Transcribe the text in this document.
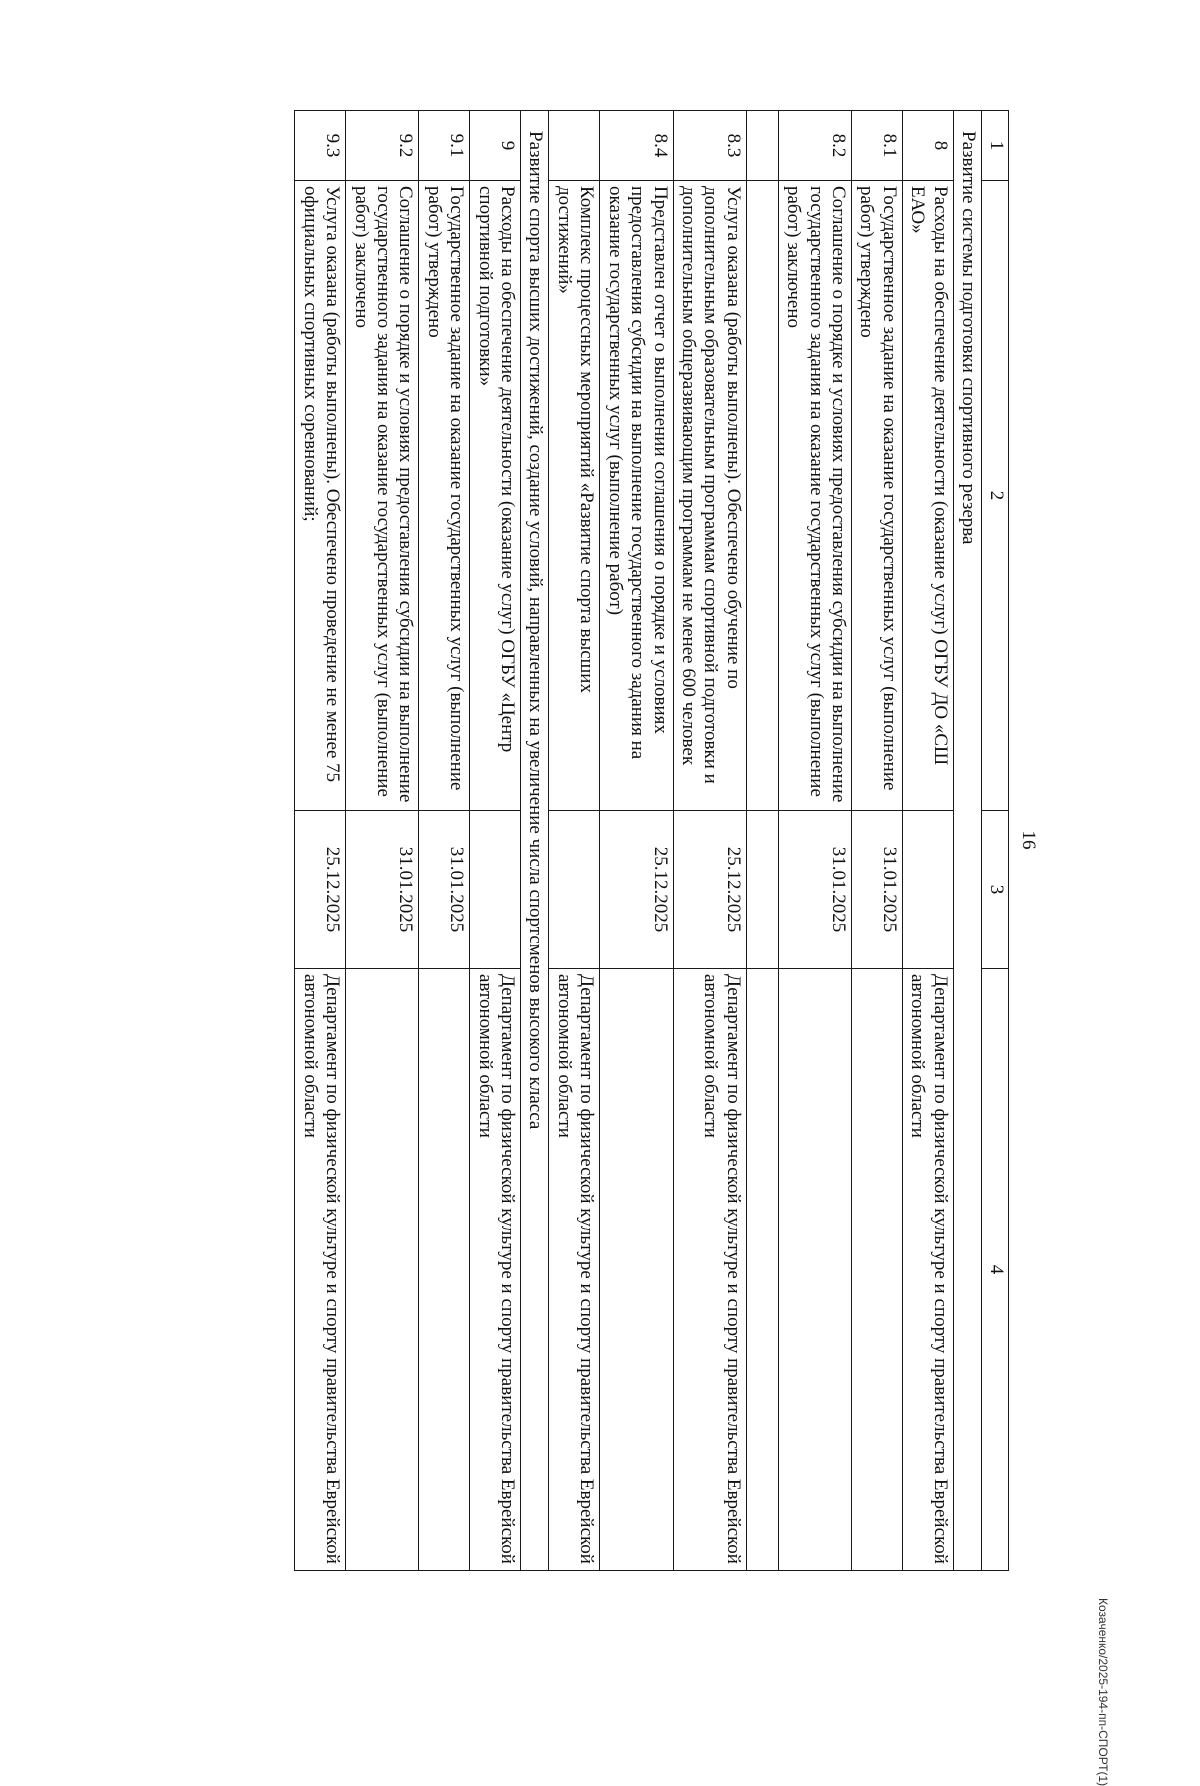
16
1	2	3	4
Развитие системы подготовки спортивного резерва			
8	Расходы на обеспечение деятельности (оказание услуг) ОГБУ ДО «СШ ЕАО»		Департамент по физической культуре и спорту правительства Еврейской автономной области
8.1	Государственное задание на оказание государственных услуг (выполнение работ) утверждено	31.01.2025	
8.2	Соглашение о порядке и условиях предоставления субсидии на выполнение государственного задания на оказание государственных услуг (выполнение работ) заключено	31.01.2025	

8.3	Услуга оказана (работы выполнены). Обеспечено обучение по дополнительным образовательным программам спортивной подготовки и дополнительным общеразвивающим программам не менее 600 человек	25.12.2025	Департамент по физической культуре и спорту правительства Еврейской автономной области
8.4	Представлен отчет о выполнении соглашения о порядке и условиях предоставления субсидии на выполнение государственного задания на оказание государственных услуг (выполнение работ)	25.12.2025	
	Комплекс процессных мероприятий «Развитие спорта высших достижений»		Департамент по физической культуре и спорту правительства Еврейской автономной области
Развитие спорта высших достижений, создание условий, направленных на увеличение числа спортсменов высокого класса			
9	Расходы на обеспечение деятельности (оказание услуг) ОГБУ «Центр спортивной подготовки»		Департамент по физической культуре и спорту правительства Еврейской автономной области
9.1	Государственное задание на оказание государственных услуг (выполнение работ) утверждено	31.01.2025	
9.2	Соглашение о порядке и условиях предоставления субсидии на выполнение государственного задания на оказание государственных услуг (выполнение работ) заключено	31.01.2025	
9.3	Услуга оказана (работы выполнены). Обеспечено проведение не менее 75 официальных спортивных соревнований;	25.12.2025	Департамент по физической культуре и спорту правительства Еврейской автономной области
Козаченко/2025-194-пп-СПОРТ(1)
